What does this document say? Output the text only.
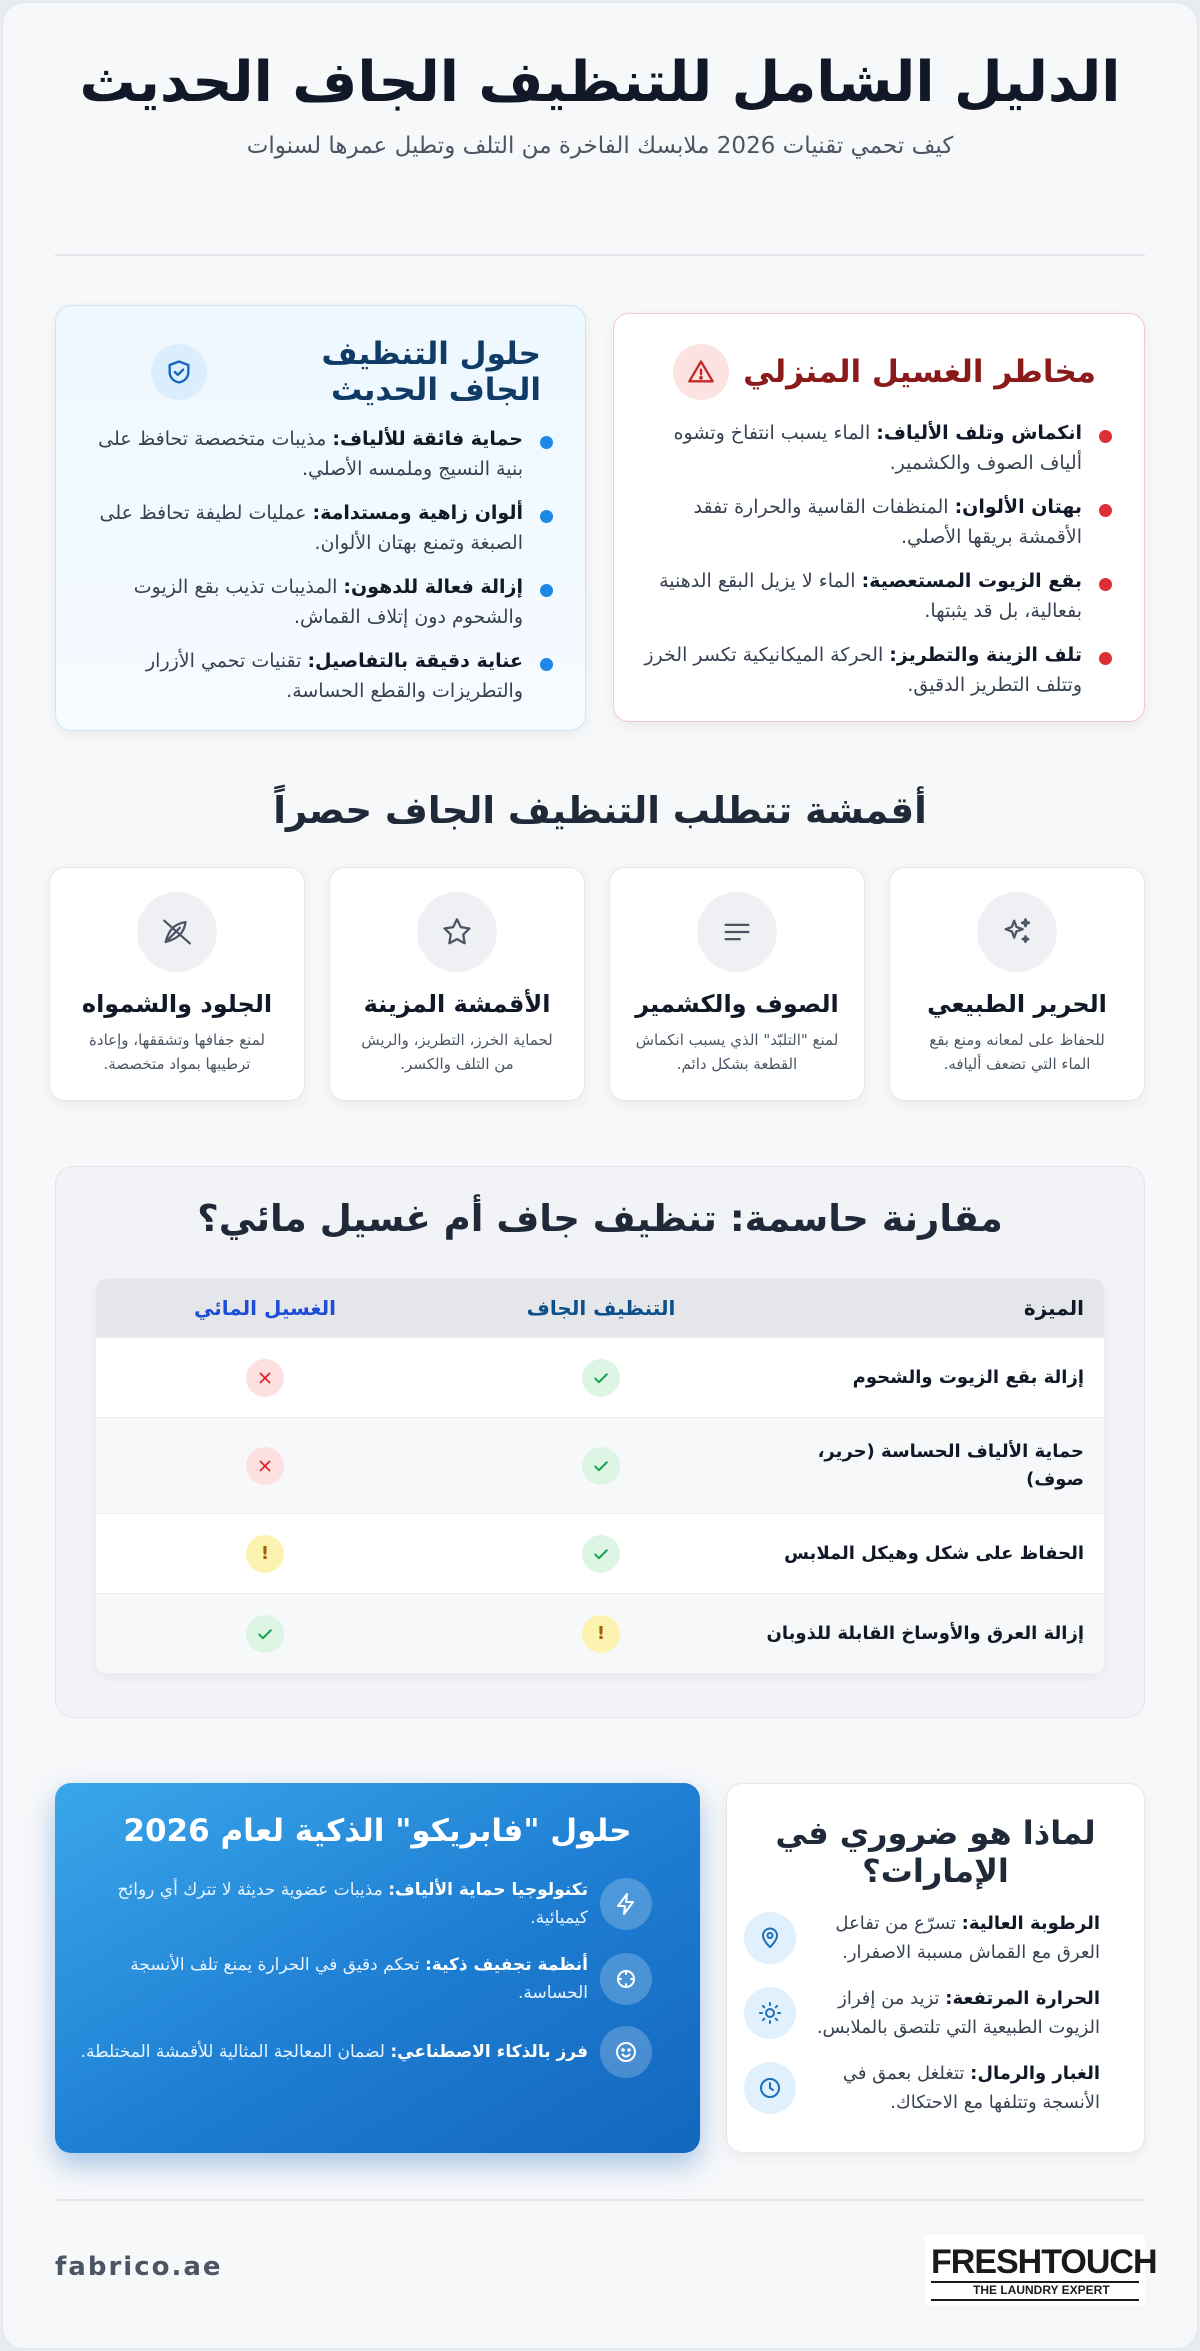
الدليل الشامل للتنظيف الجاف الحديث

كيف تحمي تقنيات 2026 ملابسك الفاخرة من التلف وتطيل عمرها لسنوات

مخاطر الغسيل المنزلي
انكماش وتلف الألياف: الماء يسبب انتفاخ وتشوه ألياف الصوف والكشمير.
بهتان الألوان: المنظفات القاسية والحرارة تفقد الأقمشة بريقها الأصلي.
بقع الزيوت المستعصية: الماء لا يزيل البقع الدهنية بفعالية، بل قد يثبتها.
تلف الزينة والتطريز: الحركة الميكانيكية تكسر الخرز وتتلف التطريز الدقيق.
حلول التنظيف الجاف الحديث
حماية فائقة للألياف: مذيبات متخصصة تحافظ على بنية النسيج وملمسه الأصلي.
ألوان زاهية ومستدامة: عمليات لطيفة تحافظ على الصبغة وتمنع بهتان الألوان.
إزالة فعالة للدهون: المذيبات تذيب بقع الزيوت والشحوم دون إتلاف القماش.
عناية دقيقة بالتفاصيل: تقنيات تحمي الأزرار والتطريزات والقطع الحساسة.
أقمشة تتطلب التنظيف الجاف حصراً
الحرير الطبيعي

للحفاظ على لمعانه ومنع بقع الماء التي تضعف أليافه.

الصوف والكشمير

لمنع "التلبّد" الذي يسبب انكماش القطعة بشكل دائم.

الأقمشة المزينة

لحماية الخرز، التطريز، والريش من التلف والكسر.

الجلود والشمواه

لمنع جفافها وتشققها، وإعادة ترطيبها بمواد متخصصة.

مقارنة حاسمة: تنظيف جاف أم غسيل مائي؟
الميزة
التنظيف الجاف
الغسيل المائي
إزالة بقع الزيوت والشحوم
حماية الألياف الحساسة (حرير، صوف)
الحفاظ على شكل وهيكل الملابس
!
إزالة العرق والأوساخ القابلة للذوبان
!
لماذا هو ضروري في الإمارات؟
الرطوبة العالية: تسرّع من تفاعل العرق مع القماش مسببة الاصفرار.
الحرارة المرتفعة: تزيد من إفراز الزيوت الطبيعية التي تلتصق بالملابس.
الغبار والرمال: تتغلغل بعمق في الأنسجة وتتلفها مع الاحتكاك.
حلول "فابريكو" الذكية لعام 2026
تكنولوجيا حماية الألياف: مذيبات عضوية حديثة لا تترك أي روائح كيميائية.
أنظمة تجفيف ذكية: تحكم دقيق في الحرارة يمنع تلف الأنسجة الحساسة.
فرز بالذكاء الاصطناعي: لضمان المعالجة المثالية للأقمشة المختلطة.
fabrico.ae	FRESHTOUCH
THE LAUNDRY EXPERT
